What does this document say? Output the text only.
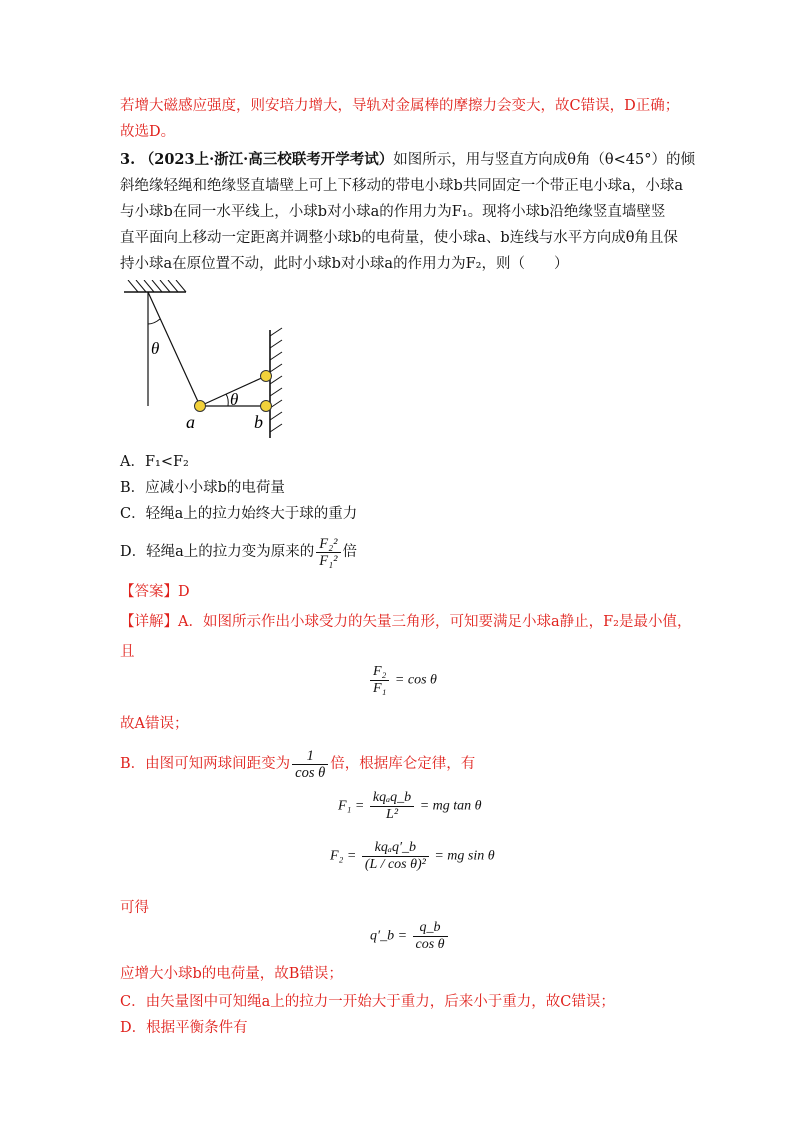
若增大磁感应强度，则安培力增大，导轨对金属棒的摩擦力会变大，故C错误，D正确；
故选D。
3. （2023上·浙江·高三校联考开学考试）如图所示，用与竖直方向成θ角（θ<45°）的倾
斜绝缘轻绳和绝缘竖直墙壁上可上下移动的带电小球b共同固定一个带正电小球a，小球a
与小球b在同一水平线上，小球b对小球a的作用力为F₁。现将小球b沿绝缘竖直墙壁竖
直平面向上移动一定距离并调整小球b的电荷量，使小球a、b连线与水平方向成θ角且保
持小球a在原位置不动，此时小球b对小球a的作用力为F₂，则（　　）
θ
θ
a	b
A．F₁<F₂
B．应减小小球b的电荷量
C．轻绳a上的拉力始终大于球的重力
D．轻绳a上的拉力变为原来的 $\frac{\text{F₂²}}{\text{F₁²}}$ 倍
【答案】D
【详解】A．如图所示作出小球受力的矢量三角形，可知要满足小球a静止，F₂是最小值，
且
$\frac{\text{F₂}}{\text{F₁}} = \cos \theta$
故A错误；
B．由图可知两球间距变为 $\frac{1}{\text{cos θ}}$ 倍，根据库仑定律，有
$F_1 = \frac{\text{kqₐq\_b}}{\text{L²}}$ = mg tan θ
$F_2 = \frac{\text{kqₐq′\_b}}{\text{(L / cos θ)²}}$ = mg sin θ
可得
q′_b = $\frac{q\_b}{\text{cos θ}}$
应增大小球b的电荷量，故B错误；
C．由矢量图中可知绳a上的拉力一开始大于重力，后来小于重力，故C错误；
D．根据平衡条件有
